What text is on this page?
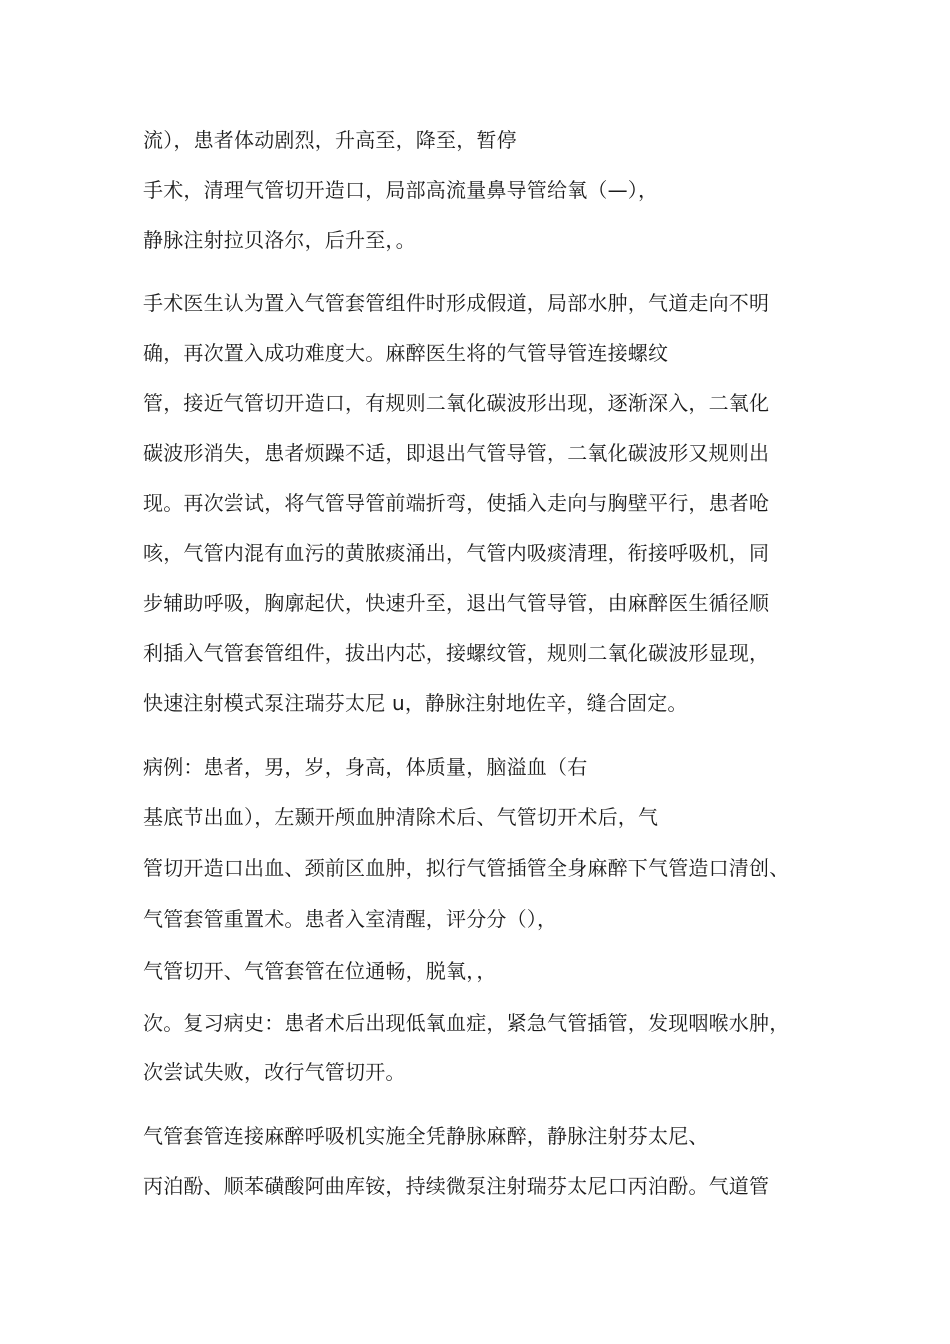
流），患者体动剧烈，升高至，降至，暂停

手术，清理气管切开造口，局部高流量鼻导管给氧（—），

静脉注射拉贝洛尔，后升至，。

手术医生认为置入气管套管组件时形成假道，局部水肿，气道走向不明

确，再次置入成功难度大。麻醉医生将的气管导管连接螺纹

管，接近气管切开造口，有规则二氧化碳波形出现，逐渐深入，二氧化

碳波形消失，患者烦躁不适，即退出气管导管，二氧化碳波形又规则出

现。再次尝试，将气管导管前端折弯，使插入走向与胸壁平行，患者呛

咳，气管内混有血污的黄脓痰涌出，气管内吸痰清理，衔接呼吸机，同

步辅助呼吸，胸廓起伏，快速升至，退出气管导管，由麻醉医生循径顺

利插入气管套管组件，拔出内芯，接螺纹管，规则二氧化碳波形显现，

快速注射模式泵注瑞芬太尼 u，静脉注射地佐辛，缝合固定。

病例：患者，男，岁，身高，体质量，脑溢血（右

基底节出血），左颞开颅血肿清除术后、气管切开术后，气

管切开造口出血、颈前区血肿，拟行气管插管全身麻醉下气管造口清创、

气管套管重置术。患者入室清醒，评分分（），

气管切开、气管套管在位通畅，脱氧，，

次。复习病史：患者术后出现低氧血症，紧急气管插管，发现咽喉水肿，

次尝试失败，改行气管切开。

气管套管连接麻醉呼吸机实施全凭静脉麻醉，静脉注射芬太尼、

丙泊酚、顺苯磺酸阿曲库铵，持续微泵注射瑞芬太尼口丙泊酚。气道管
